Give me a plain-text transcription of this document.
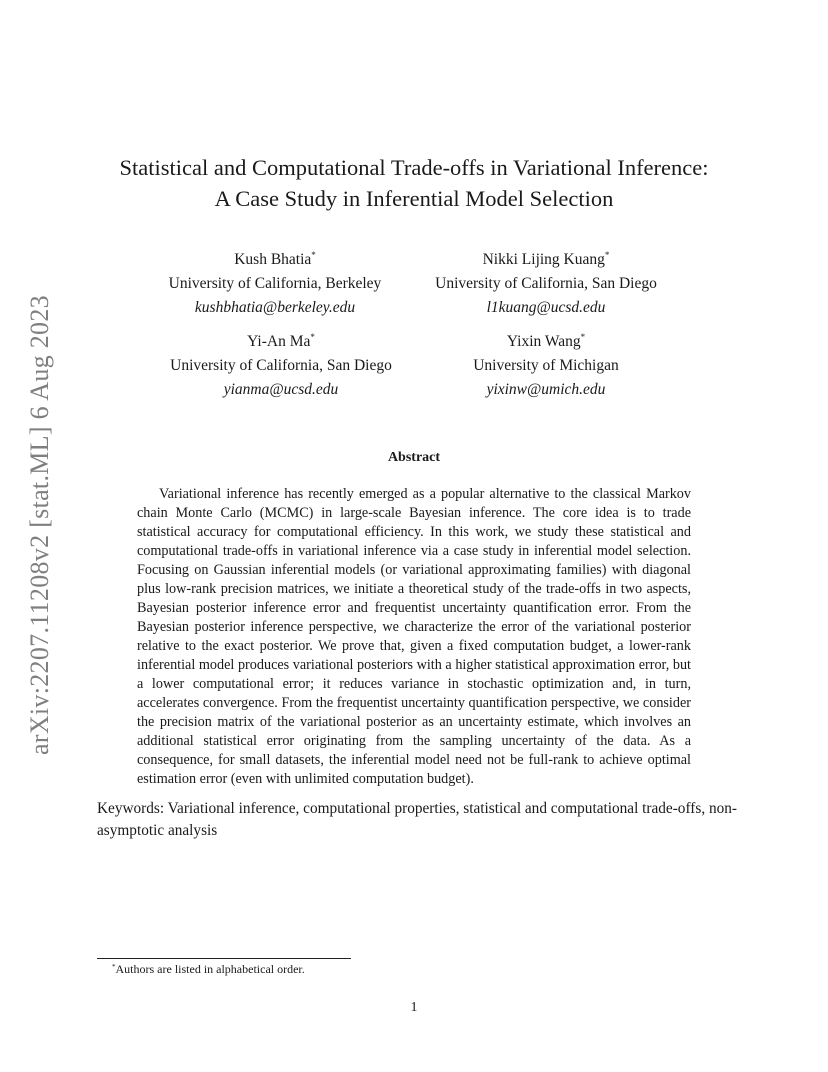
arXiv:2207.11208v2 [stat.ML] 6 Aug 2023
Statistical and Computational Trade-offs in Variational Inference:
A Case Study in Inferential Model Selection
Kush Bhatia*
University of California, Berkeley
kushbhatia@berkeley.edu
Nikki Lijing Kuang*
University of California, San Diego
l1kuang@ucsd.edu
Yi-An Ma*
University of California, San Diego
yianma@ucsd.edu
Yixin Wang*
University of Michigan
yixinw@umich.edu
Abstract
Variational inference has recently emerged as a popular alternative to the classical Markov chain Monte Carlo (MCMC) in large-scale Bayesian inference. The core idea is to trade statistical accuracy for computational efficiency. In this work, we study these statistical and computational trade-offs in variational inference via a case study in inferential model selection. Focusing on Gaussian inferential models (or variational approximating families) with diagonal plus low-rank precision matrices, we initiate a theoretical study of the trade-offs in two aspects, Bayesian posterior inference error and frequentist uncertainty quantification error. From the Bayesian posterior inference perspective, we characterize the error of the variational posterior relative to the exact posterior. We prove that, given a fixed computation budget, a lower-rank inferential model produces variational posteriors with a higher statistical approximation error, but a lower computational error; it reduces variance in stochastic optimization and, in turn, accelerates convergence. From the frequentist uncertainty quantification perspective, we consider the precision matrix of the variational posterior as an uncertainty estimate, which involves an additional statistical error originating from the sampling uncertainty of the data. As a consequence, for small datasets, the inferential model need not be full-rank to achieve optimal estimation error (even with unlimited computation budget).
Keywords: Variational inference, computational properties, statistical and computational trade-offs, non-asymptotic analysis
*Authors are listed in alphabetical order.
1
